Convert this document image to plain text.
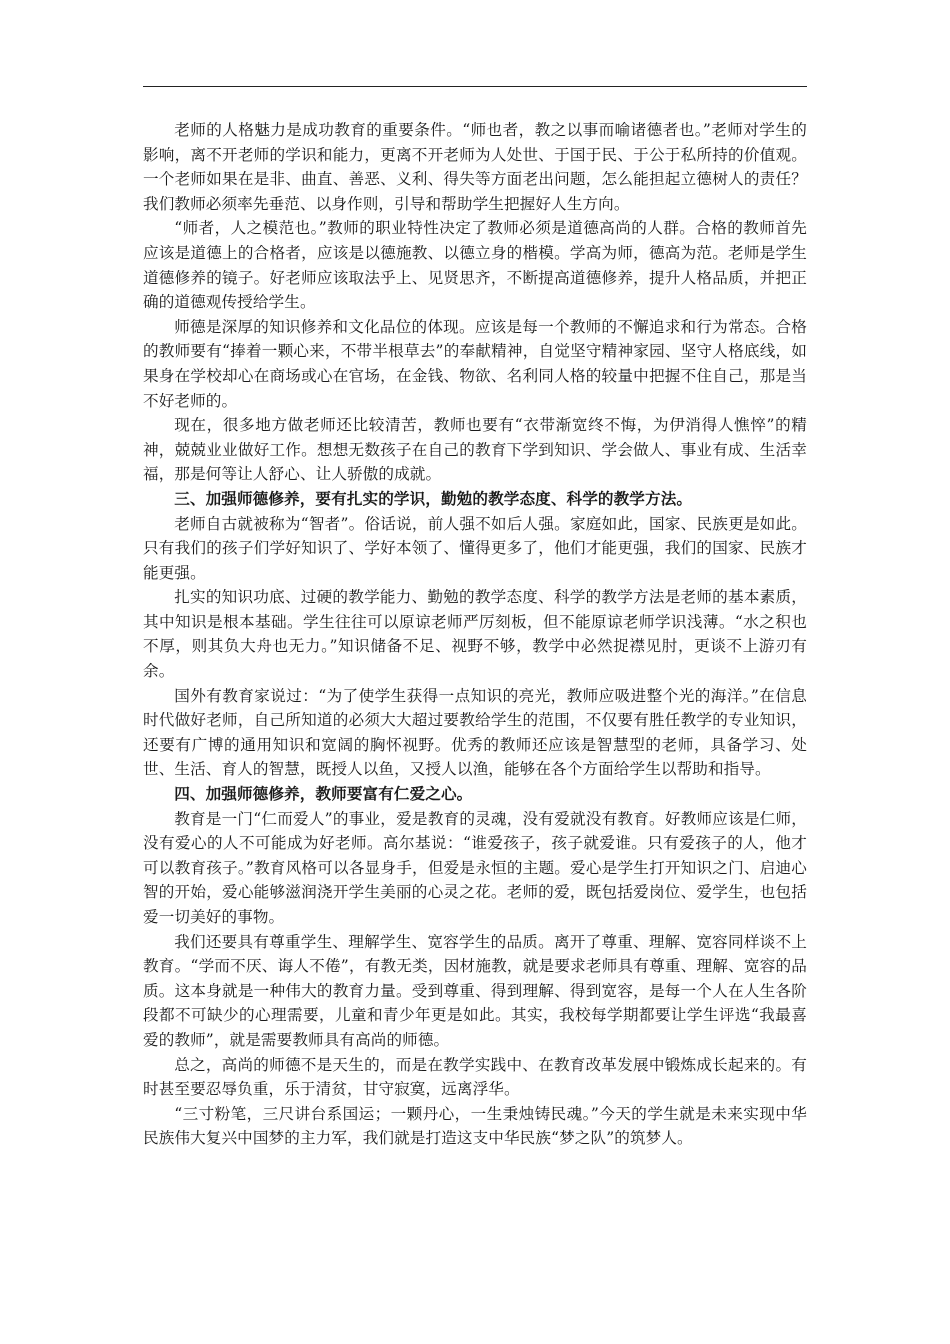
老师的人格魅力是成功教育的重要条件。“师也者，教之以事而喻诸德者也。”老师对学生的影响，离不开老师的学识和能力，更离不开老师为人处世、于国于民、于公于私所持的价值观。一个老师如果在是非、曲直、善恶、义利、得失等方面老出问题，怎么能担起立德树人的责任？我们教师必须率先垂范、以身作则，引导和帮助学生把握好人生方向。

“师者，人之模范也。”教师的职业特性决定了教师必须是道德高尚的人群。合格的教师首先应该是道德上的合格者，应该是以德施教、以德立身的楷模。学高为师，德高为范。老师是学生道德修养的镜子。好老师应该取法乎上、见贤思齐，不断提高道德修养，提升人格品质，并把正确的道德观传授给学生。

师德是深厚的知识修养和文化品位的体现。应该是每一个教师的不懈追求和行为常态。合格的教师要有“捧着一颗心来，不带半根草去”的奉献精神，自觉坚守精神家园、坚守人格底线，如果身在学校却心在商场或心在官场，在金钱、物欲、名利同人格的较量中把握不住自己，那是当不好老师的。

现在，很多地方做老师还比较清苦，教师也要有“衣带渐宽终不悔，为伊消得人憔悴”的精神，兢兢业业做好工作。想想无数孩子在自己的教育下学到知识、学会做人、事业有成、生活幸福，那是何等让人舒心、让人骄傲的成就。

三、加强师德修养，要有扎实的学识，勤勉的教学态度、科学的教学方法。

老师自古就被称为“智者”。俗话说，前人强不如后人强。家庭如此，国家、民族更是如此。只有我们的孩子们学好知识了、学好本领了、懂得更多了，他们才能更强，我们的国家、民族才能更强。

扎实的知识功底、过硬的教学能力、勤勉的教学态度、科学的教学方法是老师的基本素质，其中知识是根本基础。学生往往可以原谅老师严厉刻板，但不能原谅老师学识浅薄。“水之积也不厚，则其负大舟也无力。”知识储备不足、视野不够，教学中必然捉襟见肘，更谈不上游刃有余。

国外有教育家说过：“为了使学生获得一点知识的亮光，教师应吸进整个光的海洋。”在信息时代做好老师，自己所知道的必须大大超过要教给学生的范围，不仅要有胜任教学的专业知识，还要有广博的通用知识和宽阔的胸怀视野。优秀的教师还应该是智慧型的老师，具备学习、处世、生活、育人的智慧，既授人以鱼，又授人以渔，能够在各个方面给学生以帮助和指导。

四、加强师德修养，教师要富有仁爱之心。

教育是一门“仁而爱人”的事业，爱是教育的灵魂，没有爱就没有教育。好教师应该是仁师，没有爱心的人不可能成为好老师。高尔基说：“谁爱孩子，孩子就爱谁。只有爱孩子的人，他才可以教育孩子。”教育风格可以各显身手，但爱是永恒的主题。爱心是学生打开知识之门、启迪心智的开始，爱心能够滋润浇开学生美丽的心灵之花。老师的爱，既包括爱岗位、爱学生，也包括爱一切美好的事物。

我们还要具有尊重学生、理解学生、宽容学生的品质。离开了尊重、理解、宽容同样谈不上教育。“学而不厌、诲人不倦”，有教无类，因材施教，就是要求老师具有尊重、理解、宽容的品质。这本身就是一种伟大的教育力量。受到尊重、得到理解、得到宽容，是每一个人在人生各阶段都不可缺少的心理需要，儿童和青少年更是如此。其实，我校每学期都要让学生评选“我最喜爱的教师”，就是需要教师具有高尚的师德。

总之，高尚的师德不是天生的，而是在教学实践中、在教育改革发展中锻炼成长起来的。有时甚至要忍辱负重，乐于清贫，甘守寂寞，远离浮华。

“三寸粉笔，三尺讲台系国运；一颗丹心，一生秉烛铸民魂。”今天的学生就是未来实现中华民族伟大复兴中国梦的主力军，我们就是打造这支中华民族“梦之队”的筑梦人。
